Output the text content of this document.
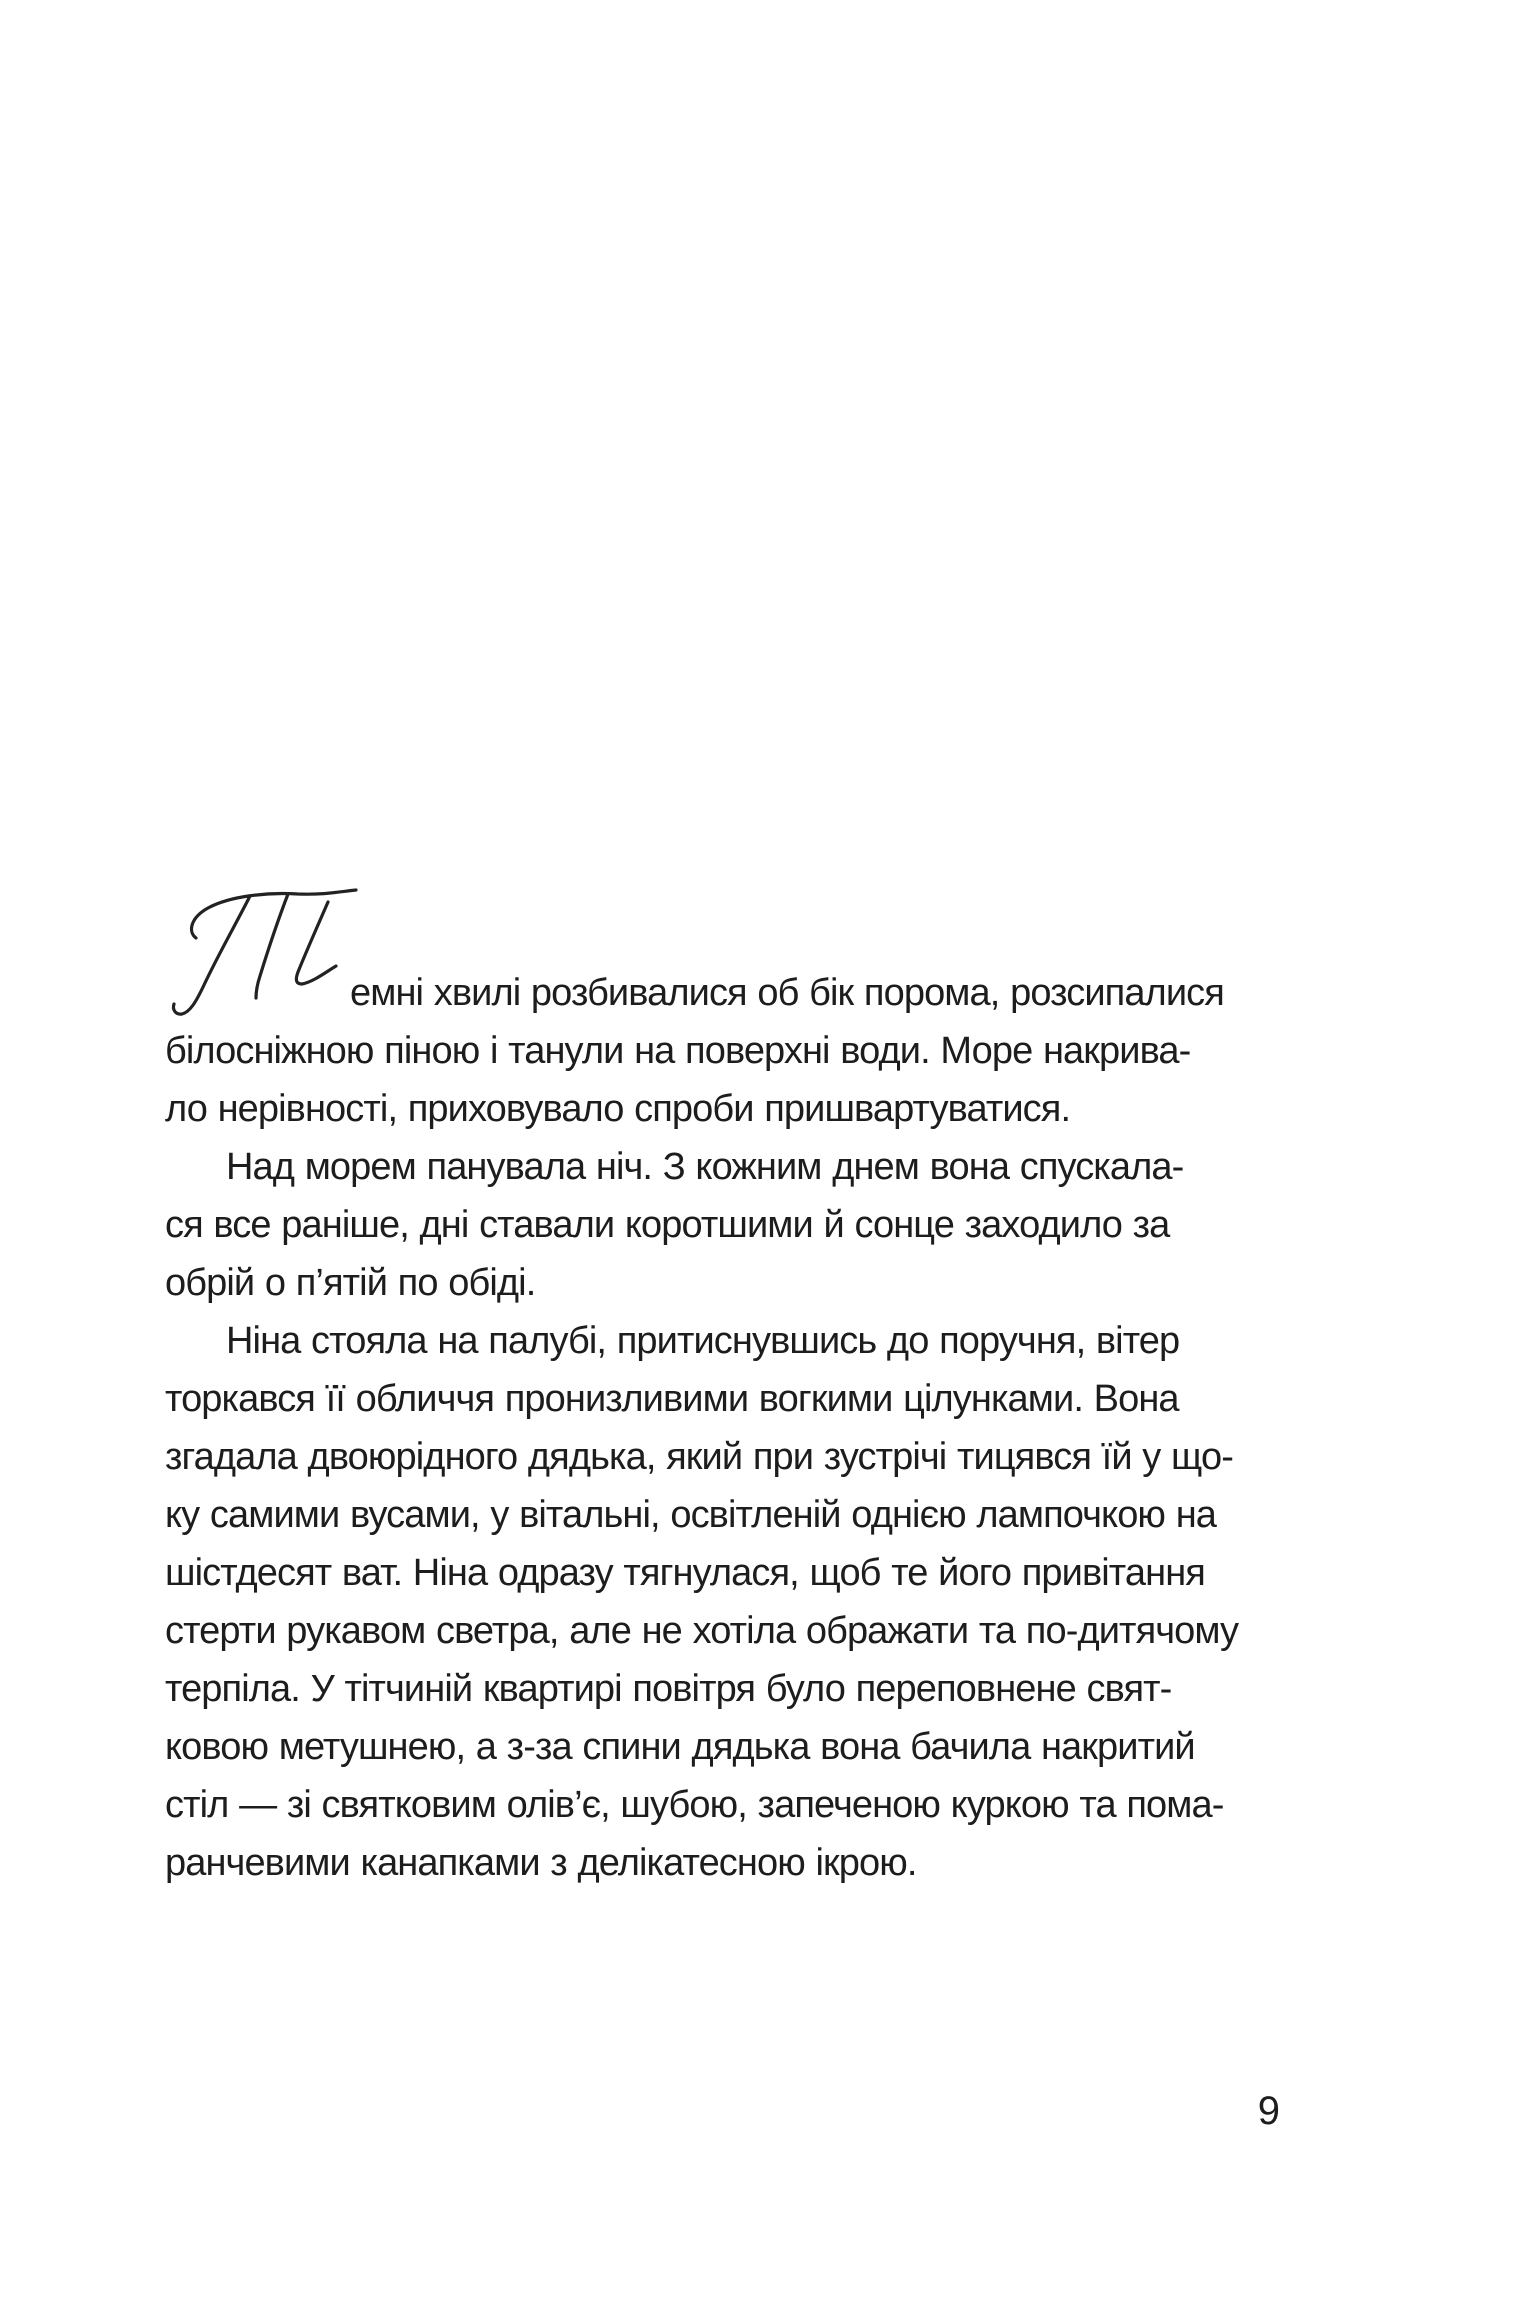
емні хвилі розбивалися об бік порома, розсипалися
білосніжною піною і танули на поверхні води. Море накрива-
ло нерівності, приховувало спроби пришвартуватися.
Над морем панувала ніч. З кожним днем вона спускала-
ся все раніше, дні ставали коротшими й сонце заходило за
обрій о п’ятій по обіді.
Ніна стояла на палубі, притиснувшись до поручня, вітер
торкався її обличчя пронизливими вогкими цілунками. Вона
згадала двоюрідного дядька, який при зустрічі тицявся їй у що-
ку самими вусами, у вітальні, освітленій однією лампочкою на
шістдесят ват. Ніна одразу тягнулася, щоб те його привітання
стерти рукавом светра, але не хотіла ображати та по-дитячому
терпіла. У тітчиній квартирі повітря було переповнене свят-
ковою метушнею, а з-за спини дядька вона бачила накритий
стіл — зі святковим олів’є, шубою, запеченою куркою та пома-
ранчевими канапками з делікатесною ікрою.
9
